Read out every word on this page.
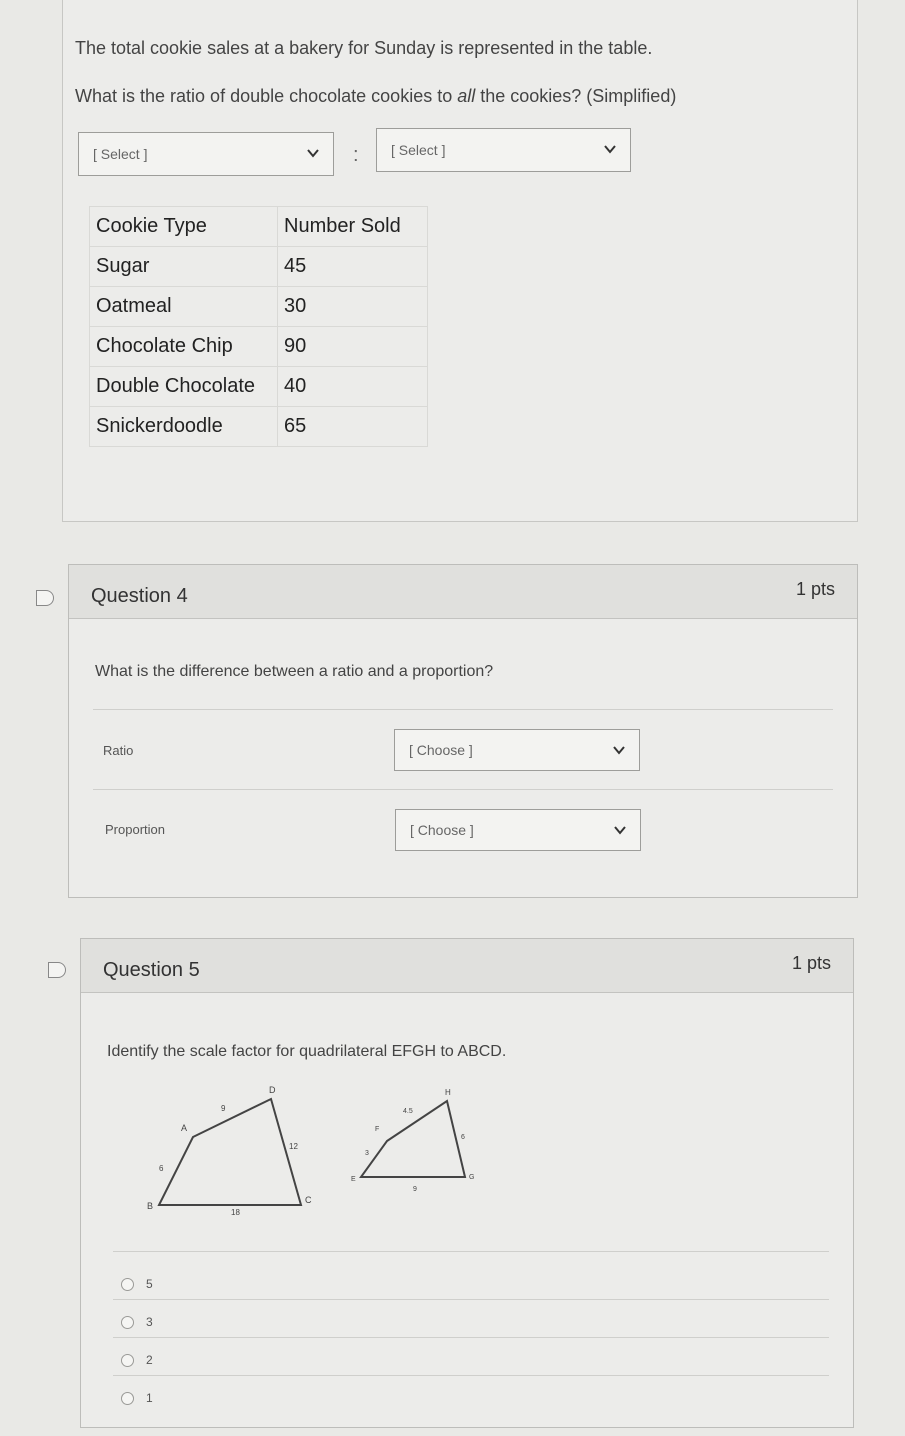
The total cookie sales at a bakery for Sunday is represented in the table.
What is the ratio of double chocolate cookies to all the cookies? (Simplified)
[ Select ]	: [ Select ]
Cookie Type	Number Sold
Sugar	45
Oatmeal	30
Chocolate Chip	90
Double Chocolate	40
Snickerdoodle	65
Question 4	1 pts
What is the difference between a ratio and a proportion?
Ratio	[ Choose ]
Proportion	[ Choose ]
Question 5	1 pts
Identify the scale factor for quadrilateral EFGH to ABCD.
D
A
B
C
9
12
6
18
H
F
E	G
4.5
6
3
9
5
3
2
1
